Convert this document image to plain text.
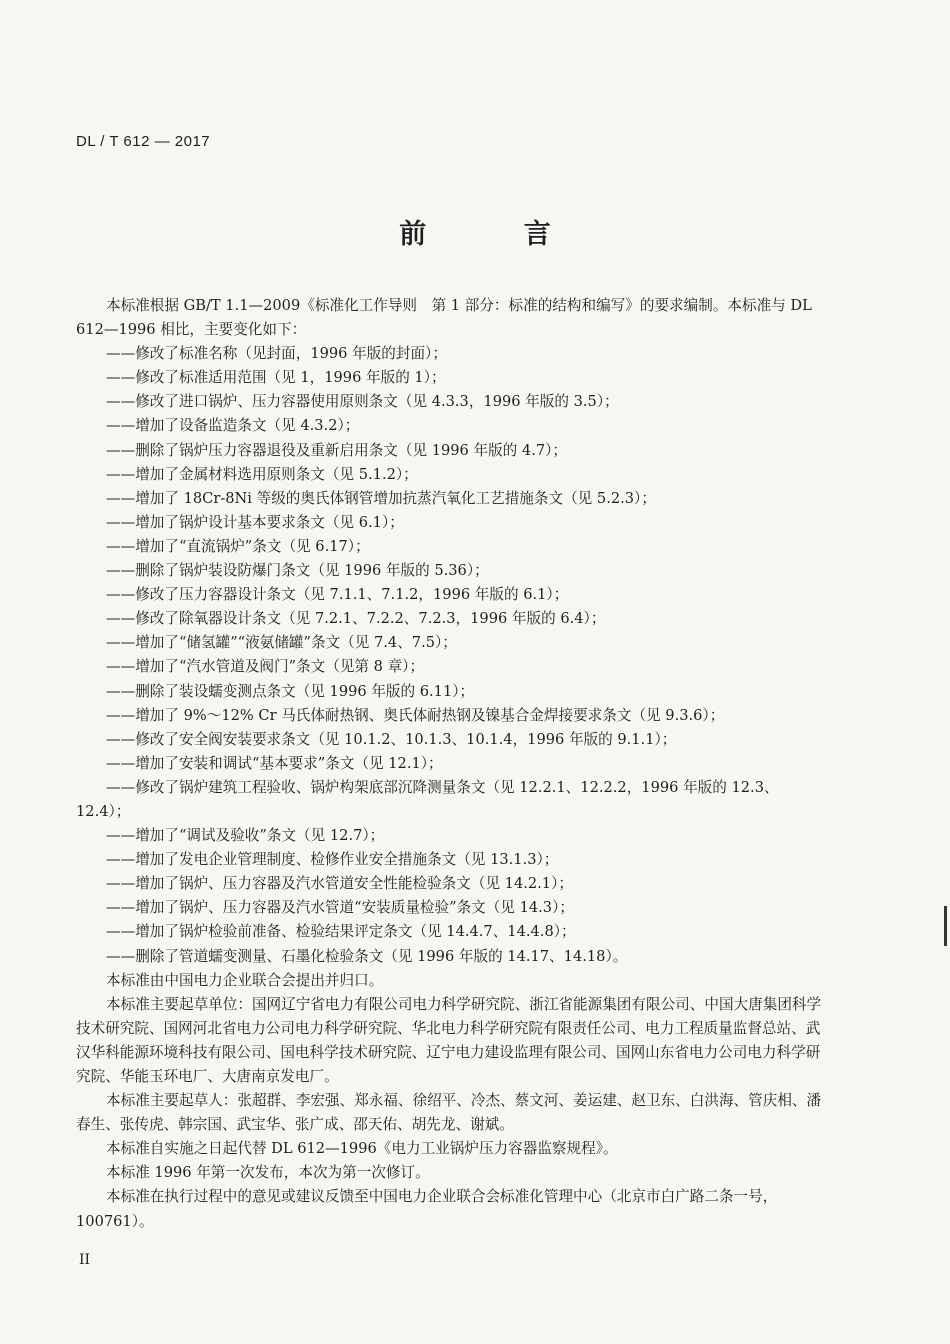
DL / T 612 — 2017
前 言

本标准根据 GB/T 1.1—2009《标准化工作导则　第 1 部分：标准的结构和编写》的要求编制。本标准与 DL 612—1996 相比，主要变化如下：

——修改了标准名称（见封面，1996 年版的封面）；

——修改了标准适用范围（见 1，1996 年版的 1）；

——修改了进口锅炉、压力容器使用原则条文（见 4.3.3，1996 年版的 3.5）；

——增加了设备监造条文（见 4.3.2）；

——删除了锅炉压力容器退役及重新启用条文（见 1996 年版的 4.7）；

——增加了金属材料选用原则条文（见 5.1.2）；

——增加了 18Cr-8Ni 等级的奥氏体钢管增加抗蒸汽氧化工艺措施条文（见 5.2.3）；

——增加了锅炉设计基本要求条文（见 6.1）；

——增加了“直流锅炉”条文（见 6.17）；

——删除了锅炉装设防爆门条文（见 1996 年版的 5.36）；

——修改了压力容器设计条文（见 7.1.1、7.1.2，1996 年版的 6.1）；

——修改了除氧器设计条文（见 7.2.1、7.2.2、7.2.3，1996 年版的 6.4）；

——增加了“储氢罐”“液氨储罐”条文（见 7.4、7.5）；

——增加了“汽水管道及阀门”条文（见第 8 章）；

——删除了装设蠕变测点条文（见 1996 年版的 6.11）；

——增加了 9%～12% Cr 马氏体耐热钢、奥氏体耐热钢及镍基合金焊接要求条文（见 9.3.6）；

——修改了安全阀安装要求条文（见 10.1.2、10.1.3、10.1.4，1996 年版的 9.1.1）；

——增加了安装和调试“基本要求”条文（见 12.1）；

——修改了锅炉建筑工程验收、锅炉构架底部沉降测量条文（见 12.2.1、12.2.2，1996 年版的 12.3、12.4）；

——增加了“调试及验收”条文（见 12.7）；

——增加了发电企业管理制度、检修作业安全措施条文（见 13.1.3）；

——增加了锅炉、压力容器及汽水管道安全性能检验条文（见 14.2.1）；

——增加了锅炉、压力容器及汽水管道“安装质量检验”条文（见 14.3）；

——增加了锅炉检验前准备、检验结果评定条文（见 14.4.7、14.4.8）；

——删除了管道蠕变测量、石墨化检验条文（见 1996 年版的 14.17、14.18）。

本标准由中国电力企业联合会提出并归口。

本标准主要起草单位：国网辽宁省电力有限公司电力科学研究院、浙江省能源集团有限公司、中国大唐集团科学技术研究院、国网河北省电力公司电力科学研究院、华北电力科学研究院有限责任公司、电力工程质量监督总站、武汉华科能源环境科技有限公司、国电科学技术研究院、辽宁电力建设监理有限公司、国网山东省电力公司电力科学研究院、华能玉环电厂、大唐南京发电厂。

本标准主要起草人：张超群、李宏强、郑永福、徐绍平、冷杰、蔡文河、姜运建、赵卫东、白洪海、管庆相、潘春生、张传虎、韩宗国、武宝华、张广成、邵天佑、胡先龙、谢斌。

本标准自实施之日起代替 DL 612—1996《电力工业锅炉压力容器监察规程》。

本标准 1996 年第一次发布，本次为第一次修订。

本标准在执行过程中的意见或建议反馈至中国电力企业联合会标准化管理中心（北京市白广路二条一号，100761）。

II
